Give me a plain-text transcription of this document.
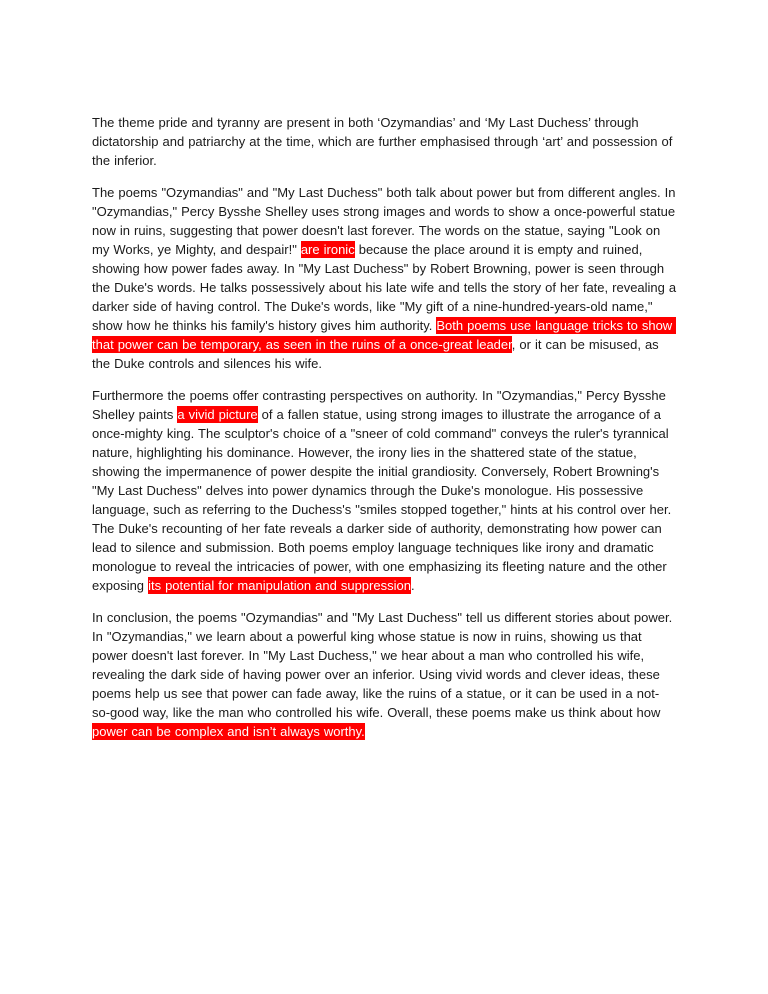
The theme pride and tyranny are present in both ‘Ozymandias’ and ‘My Last Duchess’ through dictatorship and patriarchy at the time, which are further emphasised through ‘art’ and possession of the inferior.

The poems "Ozymandias" and "My Last Duchess" both talk about power but from different angles. In "Ozymandias," Percy Bysshe Shelley uses strong images and words to show a once-powerful statue now in ruins, suggesting that power doesn't last forever. The words on the statue, saying "Look on my Works, ye Mighty, and despair!" are ironic because the place around it is empty and ruined, showing how power fades away. In "My Last Duchess" by Robert Browning, power is seen through the Duke's words. He talks possessively about his late wife and tells the story of her fate, revealing a darker side of having control. The Duke's words, like "My gift of a nine-hundred-years-old name," show how he thinks his family's history gives him authority. Both poems use language tricks to show that power can be temporary, as seen in the ruins of a once-great leader, or it can be misused, as the Duke controls and silences his wife.

Furthermore the poems offer contrasting perspectives on authority. In "Ozymandias," Percy Bysshe Shelley paints a vivid picture of a fallen statue, using strong images to illustrate the arrogance of a once-mighty king. The sculptor's choice of a "sneer of cold command" conveys the ruler's tyrannical nature, highlighting his dominance. However, the irony lies in the shattered state of the statue, showing the impermanence of power despite the initial grandiosity. Conversely, Robert Browning's "My Last Duchess" delves into power dynamics through the Duke's monologue. His possessive language, such as referring to the Duchess's "smiles stopped together," hints at his control over her. The Duke's recounting of her fate reveals a darker side of authority, demonstrating how power can lead to silence and submission. Both poems employ language techniques like irony and dramatic monologue to reveal the intricacies of power, with one emphasizing its fleeting nature and the other exposing its potential for manipulation and suppression.

In conclusion, the poems "Ozymandias" and "My Last Duchess" tell us different stories about power. In "Ozymandias," we learn about a powerful king whose statue is now in ruins, showing us that power doesn't last forever. In "My Last Duchess," we hear about a man who controlled his wife, revealing the dark side of having power over an inferior. Using vivid words and clever ideas, these poems help us see that power can fade away, like the ruins of a statue, or it can be used in a not-so-good way, like the man who controlled his wife. Overall, these poems make us think about how power can be complex and isn’t always worthy.
